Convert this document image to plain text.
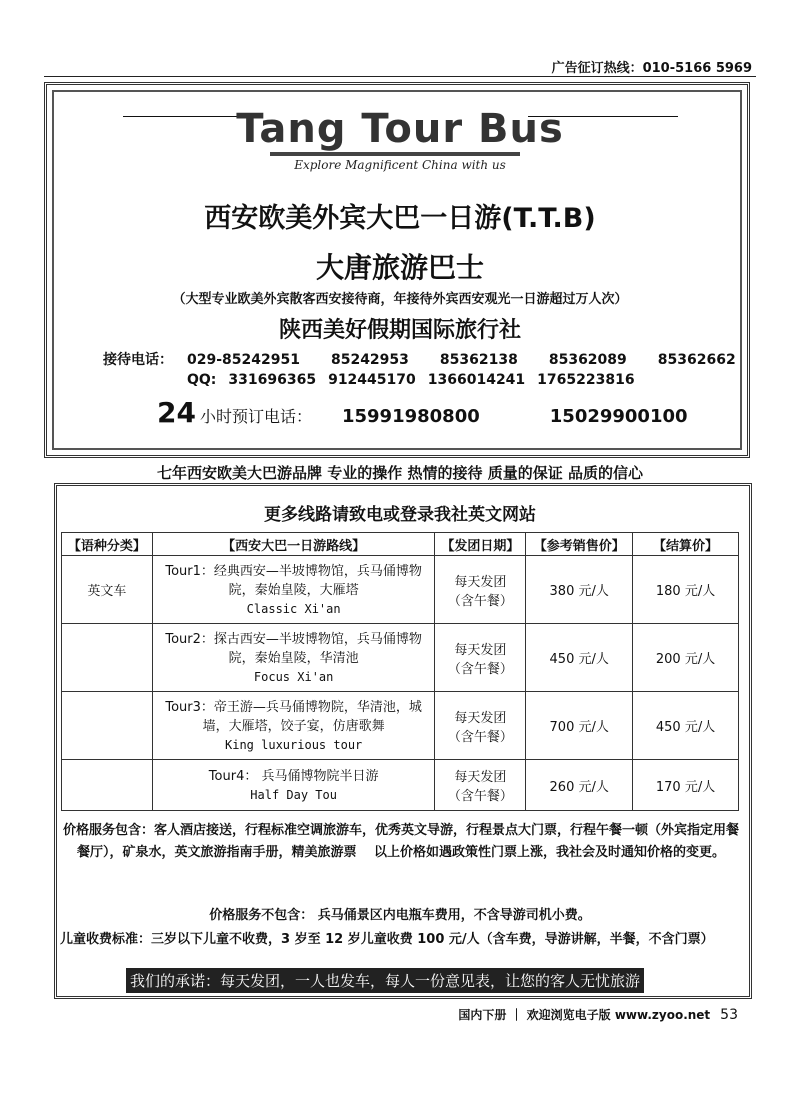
广告征订热线：010-5166 5969
Tang Tour Bus
Explore Magnificent China with us
西安欧美外宾大巴一日游(T.T.B)
大唐旅游巴士
（大型专业欧美外宾散客西安接待商，年接待外宾西安观光一日游超过万人次）
陕西美好假期国际旅行社
接待电话： 029-85242951 85242953 85362138 85362089 85362662
QQ: 331696365 912445170 1366014241 1765223816
24 小时预订电话： 15991980800	15029900100
七年西安欧美大巴游品牌 专业的操作 热情的接待 质量的保证 品质的信心
更多线路请致电或登录我社英文网站
【语种分类】	【西安大巴一日游路线】	【发团日期】	【参考销售价】	【结算价】
英文车	Tour1：经典西安—半坡博物馆，兵马俑博物
院，秦始皇陵，大雁塔
Classic Xi'an	每天发团
（含午餐）	380 元/人	180 元/人
	Tour2：探古西安—半坡博物馆，兵马俑博物
院，秦始皇陵，华清池
Focus Xi'an	每天发团
（含午餐）	450 元/人	200 元/人
	Tour3：帝王游—兵马俑博物院，华清池，城
墙，大雁塔，饺子宴，仿唐歌舞
King luxurious tour	每天发团
（含午餐）	700 元/人	450 元/人
	Tour4： 兵马俑博物院半日游
Half Day Tou	每天发团
（含午餐）	260 元/人	170 元/人
价格服务包含：客人酒店接送，行程标准空调旅游车，优秀英文导游，行程景点大门票，行程午餐一顿（外宾指定用餐餐厅），矿泉水，英文旅游指南手册，精美旅游票　 以上价格如遇政策性门票上涨，我社会及时通知价格的变更。
价格服务不包含： 兵马俑景区内电瓶车费用，不含导游司机小费。
儿童收费标准：三岁以下儿童不收费，3 岁至 12 岁儿童收费 100 元/人（含车费，导游讲解，半餐，不含门票）
我们的承诺：每天发团，一人也发车，每人一份意见表，让您的客人无忧旅游
国内下册 ｜ 欢迎浏览电子版 www.zyoo.net 53
